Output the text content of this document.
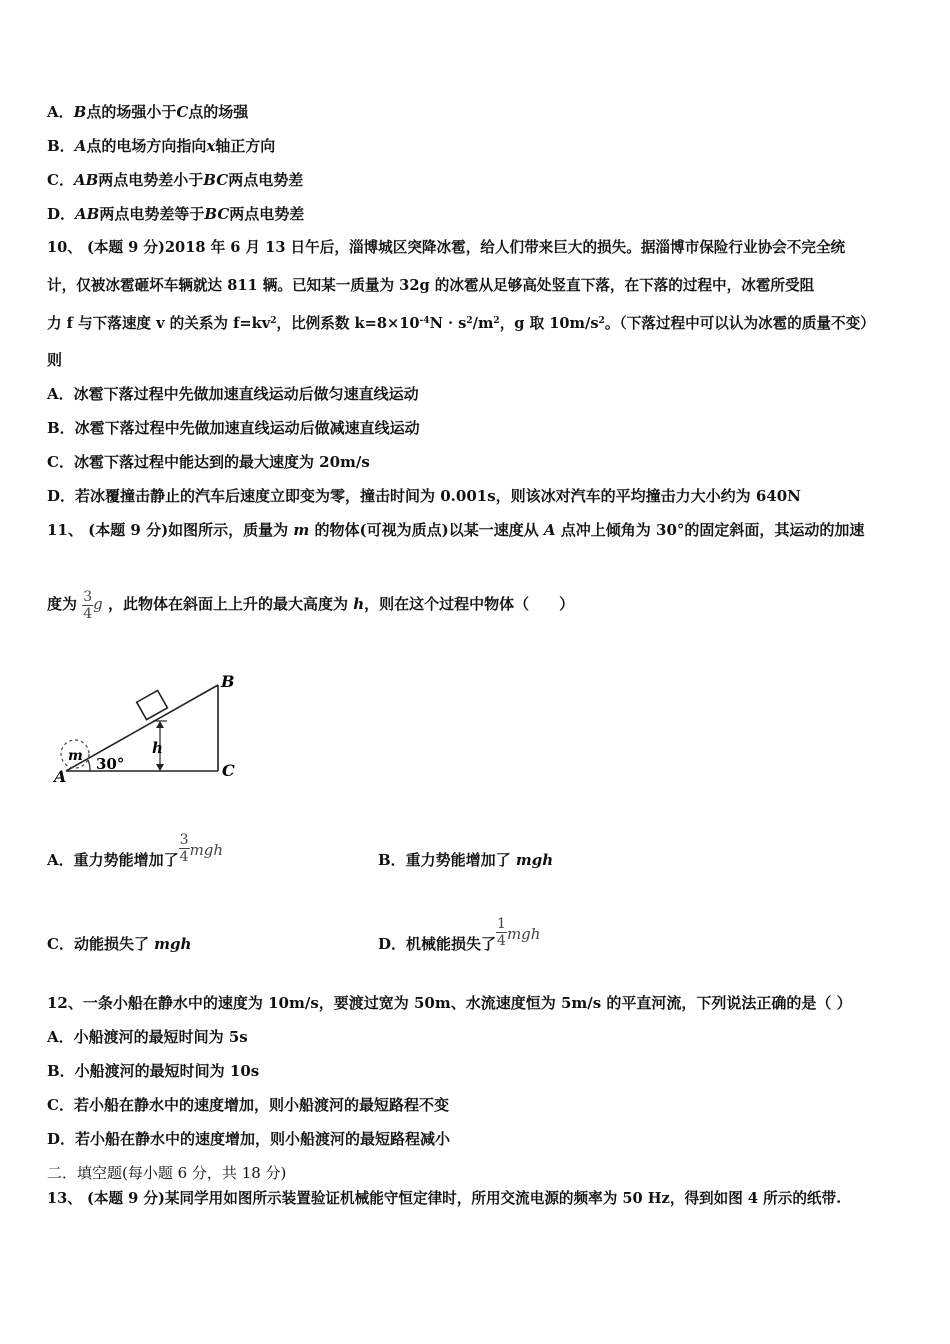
A．B点的场强小于C点的场强
B．A点的电场方向指向x轴正方向
C．AB两点电势差小于BC两点电势差
D．AB两点电势差等于BC两点电势差
10、 (本题 9 分)2018 年 6 月 13 日午后，淄博城区突降冰雹，给人们带来巨大的损失。据淄博市保险行业协会不完全统
计，仅被冰雹砸坏车辆就达 811 辆。已知某一质量为 32g 的冰雹从足够高处竖直下落，在下落的过程中，冰雹所受阻
力 f 与下落速度 v 的关系为 $f=kv^2$，比例系数 $k=8\times 10^{-4}N \cdot s^2/m^2$，g 取 $10m/s^2$。（下落过程中可以认为冰雹的质量不变）
则
A．冰雹下落过程中先做加速直线运动后做匀速直线运动
B．冰雹下落过程中先做加速直线运动后做减速直线运动
C．冰雹下落过程中能达到的最大速度为 20m/s
D．若冰覆撞击静止的汽车后速度立即变为零，撞击时间为 0.001s，则该冰对汽车的平均撞击力大小约为 640N
11、 (本题 9 分)如图所示，质量为 m 的物体(可视为质点)以某一速度从 A 点冲上倾角为 30°的固定斜面，其运动的加速
度为 $\frac{3}{4}$ g ，此物体在斜面上上升的最大高度为 h，则在这个过程中物体（　　）
m
B
C
A
h
30°
A．重力势能增加了 $\frac{3}{4}$ mgh
B．重力势能增加了 mgh
C．动能损失了 mgh	D．机械能损失了 $\frac{1}{4}$ mgh
12、一条小船在静水中的速度为 10m/s，要渡过宽为 50m、水流速度恒为 5m/s 的平直河流，下列说法正确的是（ ）
A．小船渡河的最短时间为 5s
B．小船渡河的最短时间为 10s
C．若小船在静水中的速度增加，则小船渡河的最短路程不变
D．若小船在静水中的速度增加，则小船渡河的最短路程减小
二．填空题(每小题 6 分，共 18 分)
13、 (本题 9 分)某同学用如图所示装置验证机械能守恒定律时，所用交流电源的频率为 50 Hz，得到如图 4 所示的纸带.
